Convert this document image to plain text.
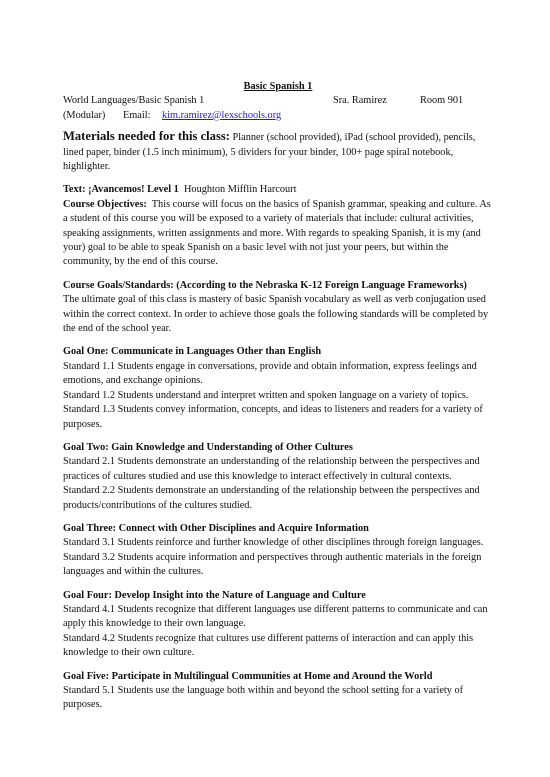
Basic Spanish 1
World Languages/Basic Spanish 1	Sra. Ramirez	Room 901
(Modular) Email: kim.ramirez@lexschools.org

Materials needed for this class: Planner (school provided), iPad (school provided), pencils, lined paper, binder (1.5 inch minimum), 5 dividers for your binder, 100+ page spiral notebook, highlighter.

Text: ¡Avancemos! Level 1 Houghton Mifflin Harcourt

Course Objectives: This course will focus on the basics of Spanish grammar, speaking and culture. As a student of this course you will be exposed to a variety of materials that include: cultural activities, speaking assignments, written assignments and more. With regards to speaking Spanish, it is my (and your) goal to be able to speak Spanish on a basic level with not just your peers, but within the community, by the end of this course.

Course Goals/Standards: (According to the Nebraska K-12 Foreign Language Frameworks)

The ultimate goal of this class is mastery of basic Spanish vocabulary as well as verb conjugation used within the correct context. In order to achieve those goals the following standards will be completed by the end of the school year.

Goal One: Communicate in Languages Other than English

Standard 1.1 Students engage in conversations, provide and obtain information, express feelings and emotions, and exchange opinions.

Standard 1.2 Students understand and interpret written and spoken language on a variety of topics.

Standard 1.3 Students convey information, concepts, and ideas to listeners and readers for a variety of purposes.

Goal Two: Gain Knowledge and Understanding of Other Cultures

Standard 2.1 Students demonstrate an understanding of the relationship between the perspectives and practices of cultures studied and use this knowledge to interact effectively in cultural contexts.

Standard 2.2 Students demonstrate an understanding of the relationship between the perspectives and products/contributions of the cultures studied.

Goal Three: Connect with Other Disciplines and Acquire Information

Standard 3.1 Students reinforce and further knowledge of other disciplines through foreign languages.

Standard 3.2 Students acquire information and perspectives through authentic materials in the foreign languages and within the cultures.

Goal Four: Develop Insight into the Nature of Language and Culture

Standard 4.1 Students recognize that different languages use different patterns to communicate and can apply this knowledge to their own language.

Standard 4.2 Students recognize that cultures use different patterns of interaction and can apply this knowledge to their own culture.

Goal Five: Participate in Multilingual Communities at Home and Around the World

Standard 5.1 Students use the language both within and beyond the school setting for a variety of purposes.
